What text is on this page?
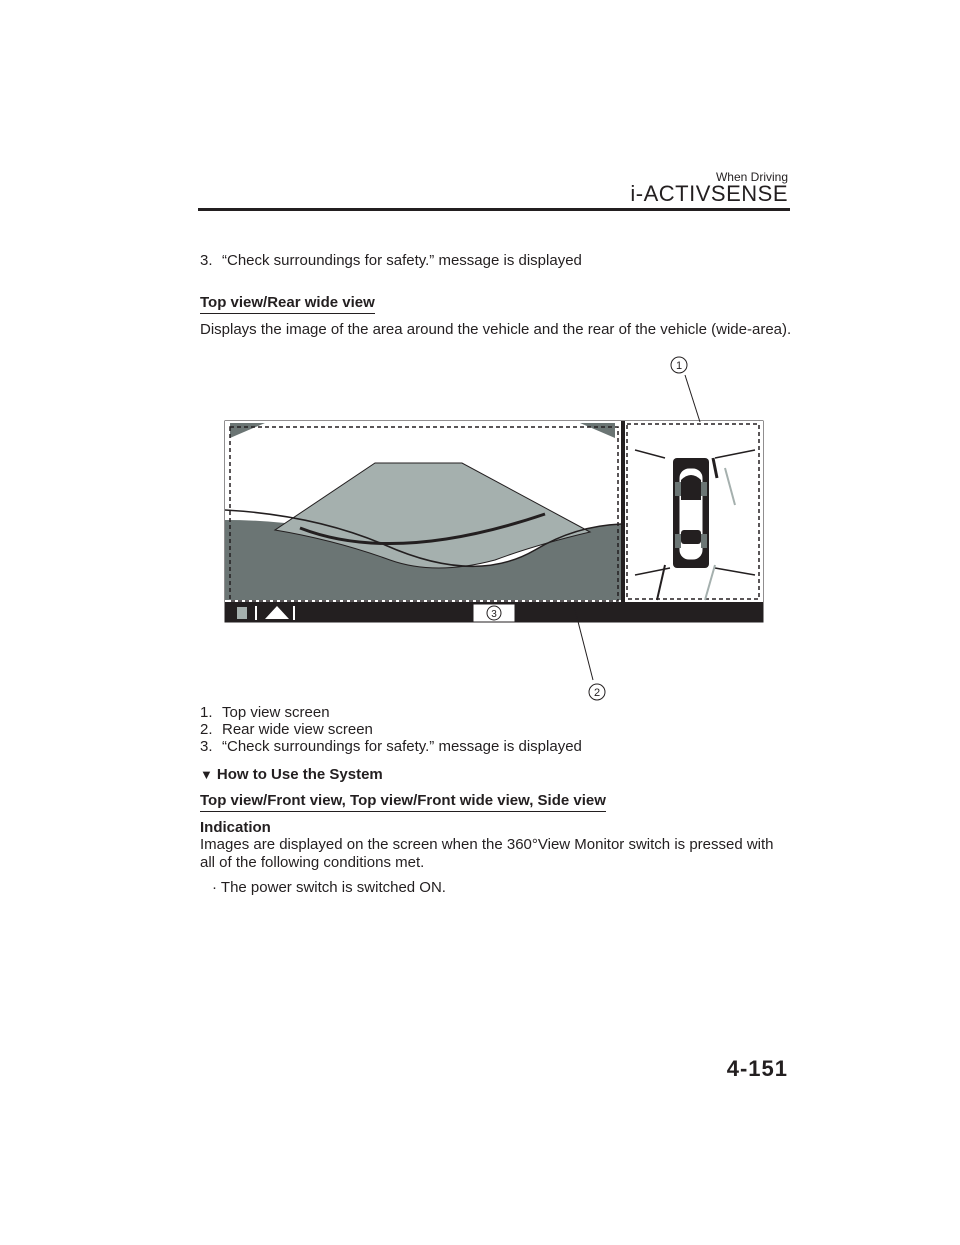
When Driving
i-ACTIVSENSE
3. “Check surroundings for safety.” message is displayed
Top view/Rear wide view
Displays the image of the area around the vehicle and the rear of the vehicle (wide-area).
3
1
2
1. Top view screen
2. Rear wide view screen
3. “Check surroundings for safety.” message is displayed
▼ How to Use the System
Top view/Front view, Top view/Front wide view, Side view
Indication
Images are displayed on the screen when the 360°View Monitor switch is pressed with all of the following conditions met.
· The power switch is switched ON.
4-151
